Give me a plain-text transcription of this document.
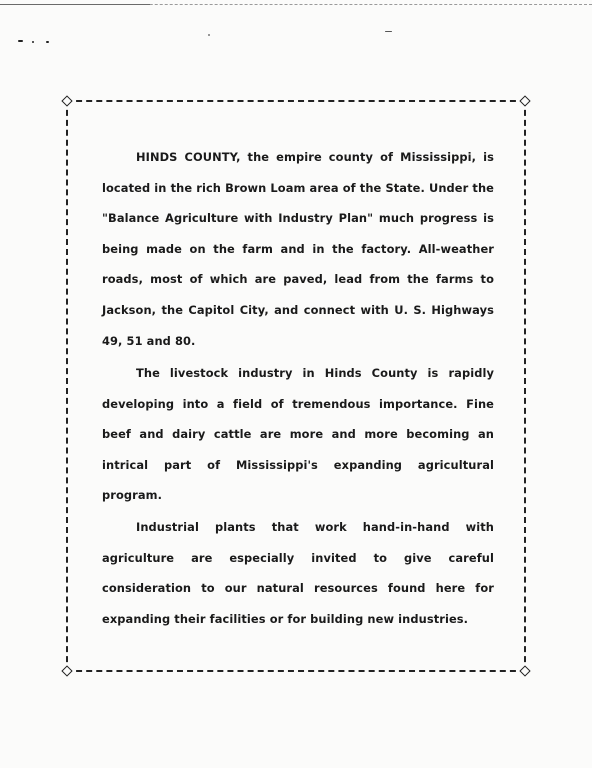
HINDS COUNTY, the empire county of Mississippi, is located in the rich Brown Loam area of the State. Under the "Balance Agriculture with Industry Plan" much progress is being made on the farm and in the factory. All-weather roads, most of which are paved, lead from the farms to Jackson, the Capitol City, and connect with U. S. Highways 49, 51 and 80.

The livestock industry in Hinds County is rapidly developing into a field of tremendous importance. Fine beef and dairy cattle are more and more becoming an intrical part of Mississippi's expanding agricultural program.

Industrial plants that work hand-in-hand with agriculture are especially invited to give careful consideration to our natural resources found here for expanding their facilities or for building new industries.
